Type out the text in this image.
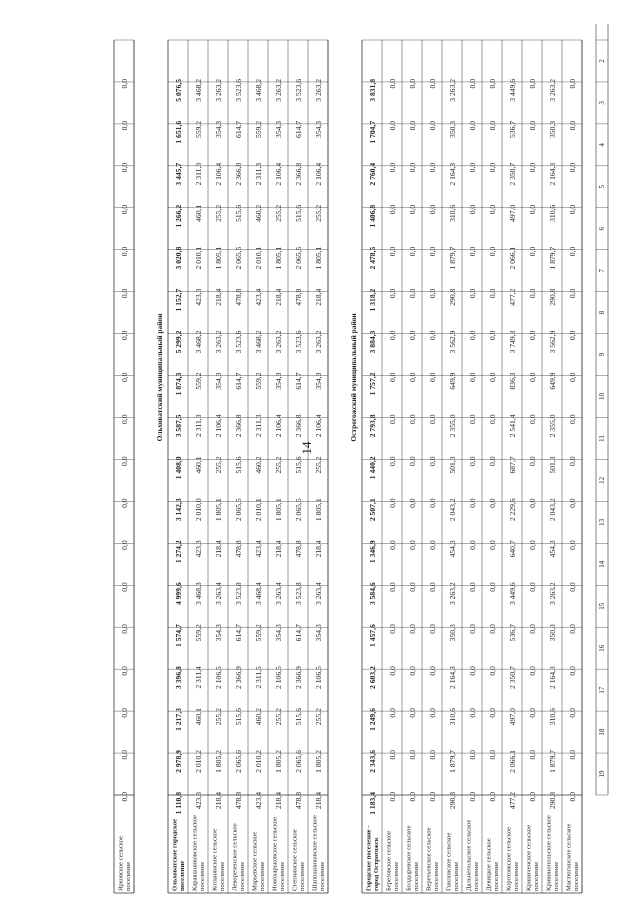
14
2
3
4
5
6
7
8
9
10
11
12
13
14
15
16
17
18
19
Ярковское сельскоепоселение
0,0
0,0
0,0
0,0
0,0
0,0
0,0
0,0
0,0
0,0
0,0
0,0
0,0
0,0
0,0
0,0
0,0
0,0
Ольховатский муниципальный район
Ольховатское городскоепоселение
5 076,5
1 651,6
3 445,7
1 266,2
3 020,8
1 152,7
5 299,2
1 874,3
3 587,5
1 408,0
3 142,3
1 274,2
4 999,6
1 574,7
3 396,8
1 217,3
2 978,9
1 110,8
Караяшниковское сельскоепоселение
3 468,2
559,2
2 311,3
460,1
2 010,1
423,3
3 468,2
559,2
2 311,3
460,1
2 010,0
423,3
3 468,3
559,2
2 311,4
460,1
2 010,2
423,3
Копанянское сельскоепоселение
3 263,2
354,3
2 106,4
255,2
1 805,1
218,4
3 263,2
354,3
2 106,4
255,2
1 805,1
218,4
3 263,4
354,3
2 106,5
255,2
1 805,2
218,4
Левореченское сельскоепоселение
3 523,6
614,7
2 366,8
515,6
2 065,5
478,8
3 523,6
614,7
2 366,8
515,6
2 065,5
478,8
3 523,8
614,7
2 366,9
515,6
2 065,6
478,8
Марьевское сельскоепоселение
3 468,2
559,2
2 311,3
460,2
2 010,1
423,4
3 468,2
559,2
2 311,3
460,2
2 010,1
423,4
3 468,4
559,2
2 311,5
460,2
2 010,2
423,4
Новохарьковское сельскоепоселение
3 263,2
354,3
2 106,4
255,2
1 805,1
218,4
3 263,2
354,3
2 106,4
255,2
1 805,1
218,4
3 263,4
354,3
2 106,5
255,2
1 805,2
218,4
Степнянское сельскоепоселение
3 523,6
614,7
2 366,8
515,6
2 065,5
478,8
3 523,6
614,7
2 366,8
515,6
2 065,5
478,8
3 523,8
614,7
2 366,9
515,6
2 065,6
478,8
Шапошниковское сельскоепоселение
3 263,2
354,3
2 106,4
255,2
1 805,1
218,4
3 263,2
354,3
2 106,4
255,2
1 805,1
218,4
3 263,4
354,3
2 106,5
255,2
1 805,2
218,4
Острогожский муниципальный район
Городское поселение -город Острогожск
3 831,8
1 704,7
2 760,4
1 406,8
2 478,5
1 318,2
3 884,3
1 757,2
2 793,8
1 440,2
2 507,1
1 346,9
3 584,6
1 457,6
2 603,2
1 249,6
2 343,6
1 183,4
Березовское сельскоепоселение
0,0
0,0
0,0
0,0
0,0
0,0
0,0
0,0
0,0
0,0
0,0
0,0
0,0
0,0
0,0
0,0
0,0
0,0
Болдыревское сельскоепоселение
0,0
0,0
0,0
0,0
0,0
0,0
0,0
0,0
0,0
0,0
0,0
0,0
0,0
0,0
0,0
0,0
0,0
0,0
Веретьевское сельскоепоселение
0,0
0,0
0,0
0,0
0,0
0,0
0,0
0,0
0,0
0,0
0,0
0,0
0,0
0,0
0,0
0,0
0,0
0,0
Гниловское сельскоепоселение
3 263,2
350,3
2 164,3
310,6
1 879,7
290,8
3 562,9
649,9
2 355,0
501,3
2 043,2
454,3
3 263,2
350,3
2 164,3
310,6
1 879,7
290,8
Дальнепольское сельскоепоселение
0,0
0,0
0,0
0,0
0,0
0,0
0,0
0,0
0,0
0,0
0,0
0,0
0,0
0,0
0,0
0,0
0,0
0,0
Девицкое сельскоепоселение
0,0
0,0
0,0
0,0
0,0
0,0
0,0
0,0
0,0
0,0
0,0
0,0
0,0
0,0
0,0
0,0
0,0
0,0
Коротоякское сельскоепоселение
3 449,6
536,7
2 350,7
497,0
2 066,1
477,2
3 749,3
836,3
2 541,4
687,7
2 229,6
640,7
3 449,6
536,7
2 350,7
497,0
2 066,1
477,2
Криниченское сельскоепоселение
0,0
0,0
0,0
0,0
0,0
0,0
0,0
0,0
0,0
0,0
0,0
0,0
0,0
0,0
0,0
0,0
0,0
0,0
Кривинопольское сельскоепоселение
3 263,2
350,3
2 164,3
310,6
1 879,7
290,8
3 562,9
649,9
2 355,0
501,3
2 043,2
454,3
3 263,2
350,3
2 164,3
310,6
1 879,7
290,8
Мастюгинское сельскоепоселение
0,0
0,0
0,0
0,0
0,0
0,0
0,0
0,0
0,0
0,0
0,0
0,0
0,0
0,0
0,0
0,0
0,0
0,0
